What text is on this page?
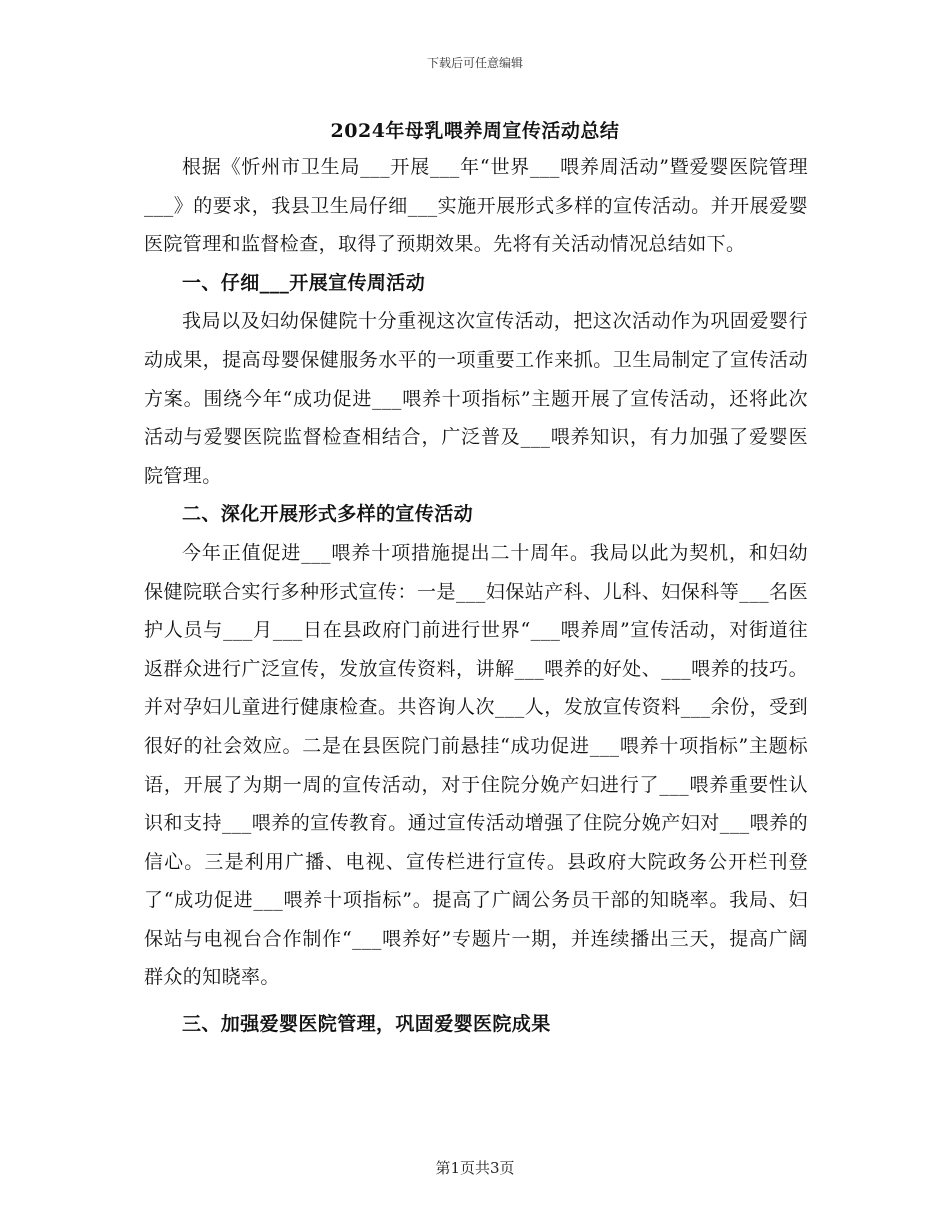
下载后可任意编辑
2024年母乳喂养周宣传活动总结

根据《忻州市卫生局___开展___年“世界___喂养周活动”暨爱婴医院管理___》的要求，我县卫生局仔细___实施开展形式多样的宣传活动。并开展爱婴医院管理和监督检查，取得了预期效果。先将有关活动情况总结如下。

一、仔细___开展宣传周活动

我局以及妇幼保健院十分重视这次宣传活动，把这次活动作为巩固爱婴行动成果，提高母婴保健服务水平的一项重要工作来抓。卫生局制定了宣传活动方案。围绕今年“成功促进___喂养十项指标”主题开展了宣传活动，还将此次活动与爱婴医院监督检查相结合，广泛普及___喂养知识，有力加强了爱婴医院管理。

二、深化开展形式多样的宣传活动

今年正值促进___喂养十项措施提出二十周年。我局以此为契机，和妇幼保健院联合实行多种形式宣传：一是___妇保站产科、儿科、妇保科等___名医护人员与___月___日在县政府门前进行世界“___喂养周”宣传活动，对街道往返群众进行广泛宣传，发放宣传资料，讲解___喂养的好处、___喂养的技巧。并对孕妇儿童进行健康检查。共咨询人次___人，发放宣传资料___余份，受到很好的社会效应。二是在县医院门前悬挂“成功促进___喂养十项指标”主题标语，开展了为期一周的宣传活动，对于住院分娩产妇进行了___喂养重要性认识和支持___喂养的宣传教育。通过宣传活动增强了住院分娩产妇对___喂养的信心。三是利用广播、电视、宣传栏进行宣传。县政府大院政务公开栏刊登了“成功促进___喂养十项指标”。提高了广阔公务员干部的知晓率。我局、妇保站与电视台合作制作“___喂养好”专题片一期，并连续播出三天，提高广阔群众的知晓率。

三、加强爱婴医院管理，巩固爱婴医院成果

第1页共3页
